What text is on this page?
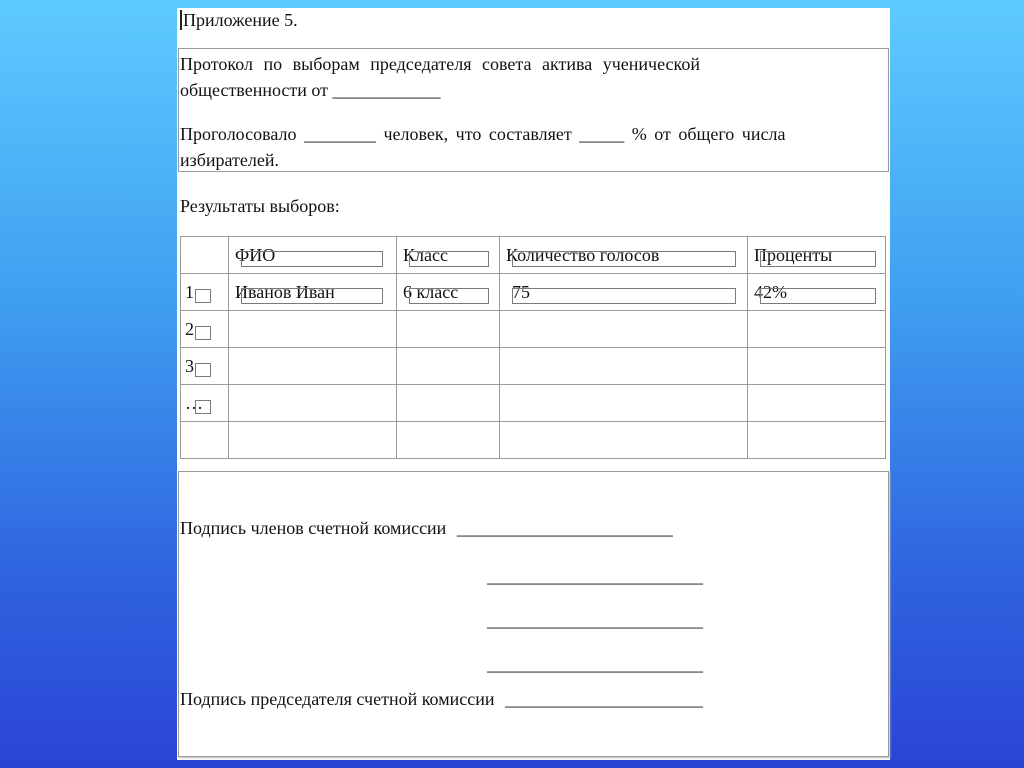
Приложение 5.
Протокол по выборам председателя совета актива ученической
общественности от ____________
Проголосовало ________ человек, что составляет _____ % от общего числа
избирателей.
Результаты выборов:

	ФИО	Класс	Количество голосов	Проценты

1	Иванов Иван	6 класс	75	42%

2				

3				

…				

Подпись членов счетной комиссии ________________________
________________________
________________________
________________________
Подпись председателя счетной комиссии ______________________
